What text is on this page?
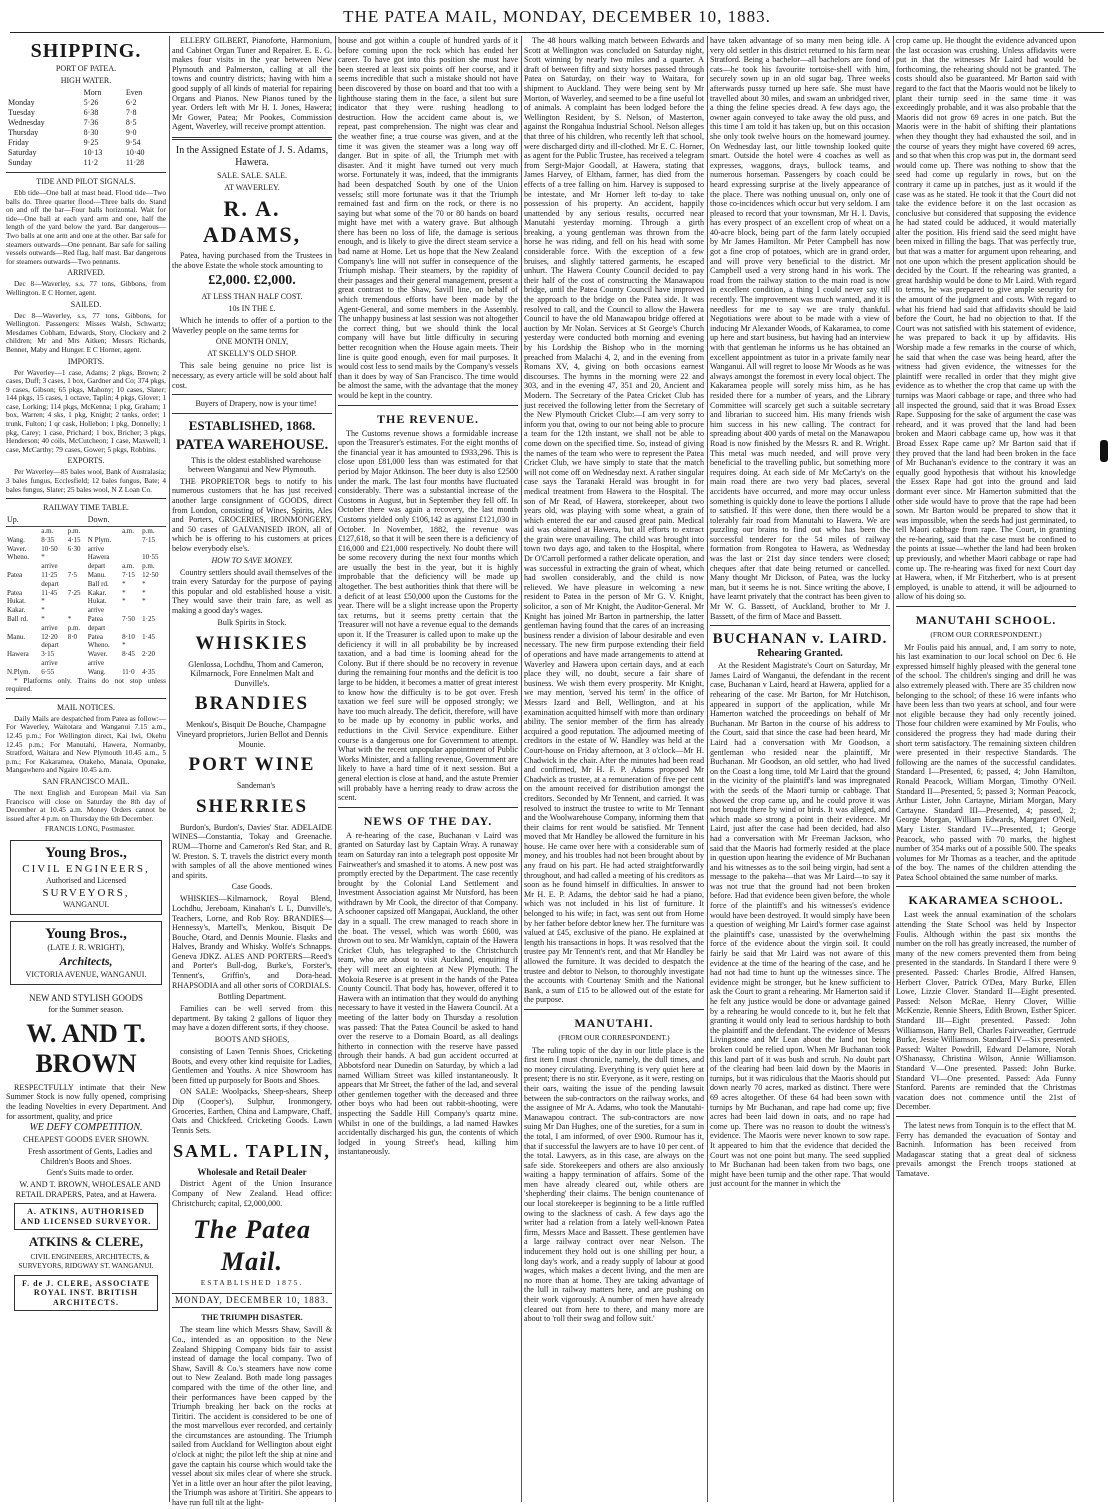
THE PATEA MAIL, MONDAY, DECEMBER 10, 1883.
SHIPPING.
PORT OF PATEA.
HIGH WATER.
	Morn	Even
Monday	5·26	6·2
Tuesday	6·38	7·8
Wednesday	7·36	8·5
Thursday	8·30	9·0
Friday	9·25	9·54
Saturday	10·13	10·40
Sunday	11·2	11·28
TIDE AND PILOT SIGNALS.

Ebb tide—One ball at mast head. Flood tide—Two balls do. Three quarter flood—Three balls do. Stand on and off the bar—Four balls horizontal. Wait for tide—One ball at each yard arm and one, half the length of the yard below the yard. Bar dangerous—Two balls at one arm and one at the other. Bar safe for steamers outwards—One pennant. Bar safe for sailing vessels outwards—Red flag, half mast. Bar dangerous for steamers outwards—Two pennants.

ARRIVED.

Dec 8—Waverley, s.s, 77 tons, Gibbons, from Wellington. E C Horner, agent.

SAILED.

Dec 8—Waverley, s.s, 77 tons, Gibbons, for Wellington. Passengers: Misses Walsh, Schwartz; Mesdames Cobham, Edwards, Story, Clockery and 2 children; Mr and Mrs Aitken; Messrs Richards, Bennet, Maby and Hunger. E C Horner, agent.

IMPORTS.

Per Waverley—1 case, Adams; 2 pkgs, Brown; 2 cases, Duff; 3 cases, 1 box, Gardner and Co; 374 pkgs, 9 cases, Gibson; 65 pkgs, Mahony; 10 cases, Slater; 144 pkgs, 15 cases, 1 octave, Taplin; 4 pkgs, Glover; 1 case, Lorking; 114 pkgs, McKenna; 1 pkg, Graham; 1 box, Warren; 4 sks, 1 pkg, Knight; 2 tanks, order; 1 trunk, Fulton; 1 qr cask, Hollebon; 1 pkg, Donnelly; 1 pkg, Carey; 1 case, Prichard; 1 box, Bricher; 3 pkgs, Henderson; 40 coils, McCutcheon; 1 case, Maxwell; 1 case, McCarthy; 79 cases, Gower; 5 pkgs, Robbins.

EXPORTS.

Per Waverley—85 bales wool, Bank of Australasia; 3 bales fungus, Ecclesfield; 12 bales fungus, Bate; 4 bales fungus, Slater; 25 bales wool, N Z Loan Co.

RAILWAY TIME TABLE.
Up.			Down.		
	a.m.	p.m.		a.m.	p.m.
Wang.	8·35	4·15	N Plym.		7·15
Waver.	10·50	6·30	arrive		
Wheno.	*		Hawera		10·55
	arrive		depart	a.m.	p.m.
Patea	11·25	7·5	Manu.	7·15	12·50
	depart		Ball rd.	*	*
Patea	11·45	7·25	Kakar.	*	*
Hukat.	*		Hukat.	*	*
Kakar.	*		arrive		
Ball rd.	*	*	Patea	7·50	1·25
	arrive	p.m.	depart		
Manu.	12·20	8·0	Patea	8·10	1·45
	depart		Wheno.	*	
Hawera	3·15		Waver.	8·45	2·20
	arrive		arrive		
N.Plym.	6·55		Wang.	11·0	4·35

* Platforms only. Trains do not stop unless required.

MAIL NOTICES.

Daily Mails are despatched from Patea as follow:—For Waverley, Waitotara and Wanganui 7.15 a.m., 12.45 p.m.; For Wellington direct, Kai Iwi, Okehu 12.45 p.m.; For Manutahi, Hawera, Normanby, Stratford, Waitara and New Plymouth 10.45 a.m., 5 p.m.; For Kakaramea, Otakeho, Manaia, Opunake, Mangawhero and Ngaire 10.45 a.m.

SAN FRANCISCO MAIL.

The next English and European Mail via San Francisco will close on Saturday the 8th day of December at 10.45 a.m. Money Orders cannot be issued after 4 p.m. on Thursday the 6th December.

FRANCIS LONG, Postmaster.

Young Bros.,
CIVIL ENGINEERS,
Authorised and Licensed
SURVEYORS,
WANGANUI.
Young Bros.,
(LATE J. R. WRIGHT),
Architects,
VICTORIA AVENUE, WANGANUI.
NEW AND STYLISH GOODS
for the Summer season.
W. AND T. BROWN

RESPECTFULLY intimate that their New Summer Stock is now fully opened, comprising the leading Novelties in every Department. And for assortment, quality, and price

WE DEFY COMPETITION.
CHEAPEST GOODS EVER SHOWN.

Fresh assortment of Gents, Ladies and Children's Boots and Shoes.

Gent's Suits made to order.

W. AND T. BROWN, WHOLESALE AND RETAIL DRAPERS, Patea, and at Hawera.

A. ATKINS, AUTHORISED AND LICENSED SURVEYOR.
ATKINS & CLERE,

CIVIL ENGINEERS, ARCHITECTS, & SURVEYORS, RIDGWAY ST. WANGANUI.

F. de J. CLERE, ASSOCIATE ROYAL INST. BRITISH ARCHITECTS.

ELLERY GILBERT, Pianoforte, Harmonium, and Cabinet Organ Tuner and Repairer. E. E. G. makes four visits in the year between New Plymouth and Palmerston, calling at all the towns and country districts; having with him a good supply of all kinds of material for repairing Organs and Pianos. New Pianos tuned by the year. Orders left with Mr H. I. Jones, Hawera; Mr Gower, Patea; Mr Pookes, Commission Agent, Waverley, will receive prompt attention.

In the Assigned Estate of J. S. Adams, Hawera.
SALE. SALE. SALE.
AT WAVERLEY.
R. A. ADAMS,

Patea, having purchased from the Trustees in the above Estate the whole stock amounting to

£2,000. £2,000.
AT LESS THAN HALF COST.
10s IN THE £.

Which he intends to offer of a portion to the Waverley people on the same terms for

ONE MONTH ONLY,
AT SKELLY'S OLD SHOP.

This sale being genuine no price list is necessary, as every article will be sold about half cost.

Buyers of Drapery, now is your time!

ESTABLISHED, 1868.
PATEA WAREHOUSE.

This is the oldest established warehouse between Wanganui and New Plymouth.

THE PROPRIETOR begs to notify to his numerous customers that he has just received another large consignment of GOODS, direct from London, consisting of Wines, Spirits, Ales and Porters, GROCERIES, IRONMONGERY, and 50 cases of GALVANISED IRON, all of which he is offering to his customers at prices below everybody else's.

HOW TO SAVE MONEY.

Country settlers should avail themselves of the train every Saturday for the purpose of paying this popular and old established house a visit. They would save their train fare, as well as making a good day's wages.

Bulk Spirits in Stock.
WHISKIES

Glenlossa, Lochdhu, Thom and Cameron, Kilmarnock, Fore Ennelmen Malt and Dunville's.

BRANDIES

Menkou's, Bisquit De Bouche, Champagne Vineyard proprietors, Jurien Bellot and Dennis Mounie.

PORT WINE

Sandeman's

SHERRIES

Burdon's, Burdon's, Davies' Star. ADELAIDE WINES—Constantia, Tokay and Greenache. RUM—Thorne and Cameron's Red Star, and R. W. Preston. S. T. travels the district every month with samples of all the above mentioned wines and spirits.

Case Goods.

WHISKIES—Kilmarnock, Royal Blend, Lochdhu, Jereboam, Kinahan's L L, Dunville's, Teachers, Lorne, and Rob Roy. BRANDIES—Hennessy's, Martell's, Menkou, Bisquit De Bouche, Otard, and Dennis Mounie. Flasks and Halves, Brandy and Whisky. Wolfe's Schnapps. Geneva JDKZ. ALES AND PORTERS—Reed's and Porter's Bull-dog, Burke's, Forster's, Tennent's, Griffin's, and Dora-head. RHAPSODIA and all other sorts of CORDIALS.

Bottling Department.

Families can be well served from this department. By taking 2 gallons of liquor they may have a dozen different sorts, if they choose.

BOOTS AND SHOES,

consisting of Lawn Tennis Shoes, Cricketing Boots, and every other kind requisite for Ladies, Gentlemen and Youths. A nice Showroom has been fitted up purposely for Boots and Shoes.

ON SALE: Woolpacks, Sheep-shears, Sheep Dip (Cooper's), Sulphur, Ironmongery, Groceries, Earthen, China and Lampware, Chaff, Oats and Chickfeed. Cricketing Goods. Lawn Tennis Sets.

SAML. TAPLIN,
Wholesale and Retail Dealer

District Agent of the Union Insurance Company of New Zealand. Head office: Christchurch; capital, £2,000,000.

The Patea Mail.
ESTABLISHED 1875.
MONDAY, DECEMBER 10, 1883.
THE TRIUMPH DISASTER.

The steam line which Messrs Shaw, Savill & Co., intended as an opposition to the New Zealand Shipping Company bids fair to assist instead of damage the local company. Two of Shaw, Savill & Co.'s steamers have now come out to New Zealand. Both made long passages compared with the time of the other line, and their performances have been capped by the Triumph breaking her back on the rocks at Tiritiri. The accident is considered to be one of the most marvellous ever recorded, and certainly the circumstances are astounding. The Triumph sailed from Auckland for Wellington about eight o'clock at night; the pilot left the ship at nine and gave the captain his course which would take the vessel about six miles clear of where she struck. Yet in a little over an hour after the pilot leaving, the Triumph was ashore at Tiritiri. She appears to have run full tilt at the light-

house and got within a couple of hundred yards of it before coming upon the rock which has ended her career. To have got into this position she must have been steered at least six points off her course, and it seems incredible that such a mistake should not have been discovered by those on board and that too with a lighthouse staring them in the face, a silent but sure indicator that they were rushing headlong to destruction. How the accident came about is, we repeat, past comprehension. The night was clear and the weather fine; a true course was given, and at the time it was given the steamer was a long way off danger. But in spite of all, the Triumph met with disaster. And it might have turned out very much worse. Fortunately it was, indeed, that the immigrants had been despatched South by one of the Union vessels; still more fortunate was it that the Triumph remained fast and firm on the rock, or there is no saying but what some of the 70 or 80 hands on board might have met with a watery grave. But although there has been no loss of life, the damage is serious enough, and is likely to give the direct steam service a bad name at Home. Let us hope that the New Zealand Company's line will not suffer in consequence of the Triumph mishap. Their steamers, by the rapidity of their passages and their general management, present a great contrast to the Shaw, Savill line, on behalf of which tremendous efforts have been made by the Agent-General, and some members in the Assembly. The unhappy business at last session was not altogether the correct thing, but we should think the local company will have but little difficulty in securing better recognition when the House again meets. Their line is quite good enough, even for mail purposes. It would cost less to send mails by the Company's vessels than it does by way of San Francisco. The time would be almost the same, with the advantage that the money would be kept in the country.

THE REVENUE.

The Customs revenue shows a formidable increase upon the Treasurer's estimates. For the eight months of the financial year it has amounted to £933,296. This is close upon £81,000 less than was estimated for that period by Major Atkinson. The beer duty is also £2500 under the mark. The last four months have fluctuated considerably. There was a substantial increase of the Customs in August, but in September they fell off. In October there was again a recovery, the last month Customs yielded only £106,142 as against £121,030 in October. In November, 1882, the revenue was £127,618, so that it will be seen there is a deficiency of £16,000 and £21,000 respectively. No doubt there will be some recovery during the next four months which are usually the best in the year, but it is highly improbable that the deficiency will be made up altogether. The best authorities think that there will be a deficit of at least £50,000 upon the Customs for the year. There will be a slight increase upon the Property tax returns, but it seems pretty certain that the Treasurer will not have a revenue equal to the demands upon it. If the Treasurer is called upon to make up the deficiency it will in all probability be by increased taxation, and a bad time is looming ahead for the Colony. But if there should be no recovery in revenue during the remaining four months and the deficit is too large to be hidden, it becomes a matter of great interest to know how the difficulty is to be got over. Fresh taxation we feel sure will be opposed strongly; we have too much already. The deficit, therefore, will have to be made up by economy in public works, and reductions in the Civil Service expenditure. Either course is a dangerous one for Government to attempt. What with the recent unpopular appointment of Public Works Minister, and a falling revenue, Government are likely to have a hard time of it next session. But a general election is close at hand, and the astute Premier will probably have a herring ready to draw across the scent.

NEWS OF THE DAY.

A re-hearing of the case, Buchanan v Laird was granted on Saturday last by Captain Wray. A runaway team on Saturday ran into a telegraph post opposite Mr Fairweather's and smashed it to atoms. A new post was promptly erected by the Department. The case recently brought by the Colonial Land Settlement and Investment Association against Mr Nutsford, has been withdrawn by Mr Cook, the director of that Company. A schooner capsized off Mangapai, Auckland, the other day in a squall. The crew managed to reach shore in the boat. The vessel, which was worth £600, was thrown out to sea. Mr Wamklyn, captain of the Hawera Cricket Club, has telegraphed to the Christchurch team, who are about to visit Auckland, enquiring if they will meet an eighteen at New Plymouth. The Mokoia Reserve is at present in the hands of the Patea County Council. That body has, however, offered it to Hawera with an intimation that they would do anything necessary to have it vested in the Hawera Council. At a meeting of the latter body on Thursday a resolution was passed: That the Patea Council be asked to hand over the reserve to a Domain Board, as all dealings hitherto in connection with the reserve have passed through their hands. A bad gun accident occurred at Abbotsford near Dunedin on Saturday, by which a lad named William Street was killed instantaneously. It appears that Mr Street, the father of the lad, and several other gentlemen together with the deceased and three other boys who had been out rabbit-shooting, were inspecting the Saddle Hill Company's quartz mine. Whilst in one of the buildings, a lad named Hawkes accidentally discharged his gun, the contents of which lodged in young Street's head, killing him instantaneously.

The 48 hours walking match between Edwards and Scott at Wellington was concluded on Saturday night, Scott winning by nearly two miles and a quarter. A draft of between fifty and sixty horses passed through Patea on Saturday, on their way to Waitara, for shipment to Auckland. They were being sent by Mr Morton, of Waverley, and seemed to be a fine useful lot of animals. A complaint has been lodged before the Wellington Resident, by S. Nelson, of Masterton, against the Rongahua Industrial School. Nelson alleges that three of his children, who recently left that school, were discharged dirty and ill-clothed. Mr E. C. Horner, as agent for the Public Trustee, has received a telegram from Sergt-Major Goodall, at Hawera, stating that James Harvey, of Eltham, farmer, has died from the effects of a tree falling on him. Harvey is supposed to be intestate, and Mr Horner left to-day to take possession of his property. An accident, happily unattended by any serious results, occurred near Manutahi yesterday morning. Through a girth breaking, a young gentleman was thrown from the horse he was riding, and fell on his head with some considerable force. With the exception of a few bruises, and slightly tattered garments, he escaped unhurt. The Hawera County Council decided to pay their half of the cost of constructing the Manawapou bridge, until the Patea County Council have improved the approach to the bridge on the Patea side. It was resolved to call, and the Council to allow the Hawera Council to have the old Manawapou bridge offered at auction by Mr Nolan. Services at St George's Church yesterday were conducted both morning and evening by his Lordship the Bishop who in the morning preached from Malachi 4, 2, and in the evening from Romans XV, 4, giving on both occasions earnest discourses. The hymns in the morning were 22 and 303, and in the evening 47, 351 and 20, Ancient and Modern. The Secretary of the Patea Cricket Club has just received the following letter from the Secretary of the New Plymouth Cricket Club:—I am very sorry to inform you that, owing to our not being able to procure a team for the 12th instant, we shall not be able to come down on the specified time. So, instead of giving the names of the team who were to represent the Patea Cricket Club, we have simply to state that the match will not come off on Wednesday next. A rather singular case says the Taranaki Herald was brought in for medical treatment from Hawera to the Hospital. The son of Mr Read, of Hawera, storekeeper, about two years old, was playing with some wheat, a grain of which entered the ear and caused great pain. Medical aid was obtained at Hawera, but all efforts to extract the grain were unavailing. The child was brought into town two days ago, and taken to the Hospital, where Dr O'Carroll performed a rather delicate operation, and was successful in extracting the grain of wheat, which had swollen considerably, and the child is now relieved. We have pleasure in welcoming a new resident to Patea in the person of Mr G. V. Knight, solicitor, a son of Mr Knight, the Auditor-General. Mr Knight has joined Mr Barton in partnership, the latter gentleman having found that the cares of an increasing business render a division of labour desirable and even necessary. The new firm purpose extending their field of operations and have made arrangements to attend at Waverley and Hawera upon certain days, and at each place they will, no doubt, secure a fair share of business. We wish them every prosperity. Mr Knight, we may mention, 'served his term' in the office of Messrs Izard and Bell, Wellington, and at his examination acquitted himself with more than ordinary ability. The senior member of the firm has already acquired a good reputation. The adjourned meeting of creditors in the estate of W. Handley was held at the Court-house on Friday afternoon, at 3 o'clock—Mr H. Chadwick in the chair. After the minutes had been read and confirmed, Mr H. F. P. Adams proposed Mr Chadwick as trustee, at a remuneration of five per cent on the amount received for distribution amongst the creditors. Seconded by Mr Tennent, and carried. It was resolved to instruct the trustee to write to Mr Tennant and the Woolwarehouse Company, informing them that their claims for rent would be satisfied. Mr Tennent moved that Mr Handley be allowed the furniture in his house. He came over here with a considerable sum of money, and his troubles had not been brought about by any fraud on his part. He had acted straightforwardly throughout, and had called a meeting of his creditors as soon as he found himself in difficulties. In answer to Mr H. E. P. Adams, the debtor said he had a piano, which was not included in his list of furniture. It belonged to his wife; in fact, was sent out from Home by her father before debtor knew her. The furniture was valued at £45, exclusive of the piano. He explained at length his transactions in hops. It was resolved that the trustee pay Mr Tennent's rent, and that Mr Handley be allowed the furniture. It was decided to despatch the trustee and debtor to Nelson, to thoroughly investigate the accounts with Courtenay Smith and the National Bank, a sum of £15 to be allowed out of the estate for the purpose.

MANUTAHI.
(FROM OUR CORRESPONDENT.)

The ruling topic of the day in our little place is the first item I must chronicle, namely, the dull times, and no money circulating. Everything is very quiet here at present; there is no stir. Everyone, as it were, resting on their oars, waiting the issue of the pending lawsuit between the sub-contractors on the railway works, and the assignee of Mr A. Adams, who took the Manutahi-Manawapou contract. The sub-contractors are now suing Mr Dan Hughes, one of the sureties, for a sum in the total, I am informed, of over £900. Rumour has it, that if successful the lawyers are to have 10 per cent. of the total. Lawyers, as in this case, are always on the safe side. Storekeepers and others are also anxiously waiting a happy termination of affairs. Some of the men have already cleared out, while others are 'shepherding' their claims. The benign countenance of our local storekeeper is beginning to be a little ruffled owing to the slackness of cash. A few days ago the writer had a relation from a lately well-known Patea firm, Messrs Mace and Bassett. These gentlemen have a large railway contract over near Nelson. The inducement they hold out is one shilling per hour, a long day's work, and a ready supply of labour at good wages, which makes a decent living, and the men are no more than at home. They are taking advantage of the lull in railway matters here, and are pushing on their work vigorously. A number of men have already cleared out from here to there, and many more are about to 'roll their swag and follow suit.'

have taken advantage of so many men being idle. A very old settler in this district returned to his farm near Stratford. Being a bachelor—all bachelors are fond of cats—he took his favourite tortoise-shell with him, securely sown up in an old sugar bag. Three weeks afterwards pussy turned up here safe. She must have travelled about 30 miles, and swam an unbridged river, a thing the feline species dread. A few days ago, the owner again conveyed to take away the old puss, and this time I am told it has taken up, but on this occasion she only took twelve hours on the homeward journey. On Wednesday last, our little township looked quite smart. Outside the hotel were 4 coaches as well as expresses, waggons, drays, bullock teams, and numerous horseman. Passengers by coach could be heard expressing surprise at the lively appearance of the place. There was nothing unusual on, only one of those co-incidences which occur but very seldom. I am pleased to record that your townsman, Mr H. I. Davis, has every prospect of an excellent crop of wheat on a 40-acre block, being part of the farm lately occupied by Mr James Hamilton. Mr Peter Campbell has now got a fine crop of potatoes, which are in grand order, and will prove very beneficial to the district. Mr Campbell used a very strong hand in his work. The road from the railway station to the main road is now in excellent condition, a thing I could never say till recently. The improvement was much wanted, and it is needless for me to say we are truly thankful. Negotiations were about to be made with a view of inducing Mr Alexander Woods, of Kakaramea, to come up here and start business, but having had an interview with that gentleman he informs us he has obtained an excellent appointment as tutor in a private family near Wanganui. All will regret to loose Mr Woods as he was always amongst the foremost in every local object. The Kakaramea people will sorely miss him, as he has resided there for a number of years, and the Library Committee will scarcely get such a suitable secretary and librarian to succeed him. His many friends wish him success in his new calling. The contract for spreading about 400 yards of metal on the Manawapou Road is now finished by the Messrs R. and R. Wright. This metal was much needed, and will prove very beneficial to the travelling public, but something more requires doing. At each side of Mr McCarty's on the main road there are two very bad places, several accidents have occurred, and more may occur unless something is quickly done to leave the portions I allude to satisfied. If this were done, then there would be a tolerably fair road from Manutahi to Hawera. We are puzzling our brains to find out who has been the successful tenderer for the 54 miles of railway formation from Rongotea to Hawera, as Wednesday was the last or 21st day since tenders were closed; cheques after that date being returned or cancelled. Many thought Mr Dickson, of Patea, was the lucky man, but it seems he is not. Since writing the above, I have learnt privately that the contract has been given to Mr W. G. Bassett, of Auckland, brother to Mr J. Bassett, of the firm of Mace and Bassett.

BUCHANAN v. LAIRD.
Rehearing Granted.

At the Resident Magistrate's Court on Saturday, Mr James Laird of Wanganui, the defendant in the recent case, Buchanan v Laird, heard at Hawera, applied for a rehearing of the case. Mr Barton, for Mr Hutchison, appeared in support of the application, while Mr Hamerton watched the proceedings on behalf of Mr Buchanan. Mr Barton in the course of his address to the Court, said that since the case had been heard, Mr Laird had a conversation with Mr Goodson, a gentleman who resided near the plaintiff, Mr Buchanan. Mr Goodson, an old settler, who had lived on the Coast a long time, told Mr Laird that the ground in the vicinity of the plaintiff's land was impregnated with the seeds of the Maori turnip or cabbage. That showed the crop came up, and he could prove it was not brought there by wind or birds. It was alleged, and which made so strong a point in their evidence. Mr Laird, just after the case had been decided, had also had a conversation with Mr Freeman Jackson, who said that the Maoris had formerly resided at the place in question upon hearing the evidence of Mr Buchanan and his witnesses as to the soil being virgin, had sent a message to the pakeha—that was Mr Laird—to say it was not true that the ground had not been broken before. Had that evidence been given before, the whole force of the plaintiff's and his witnesses's evidence would have been destroyed. It would simply have been a question of weighing Mr Laird's former case against the plaintiff's case, unassisted by the overwhelming force of the evidence about the virgin soil. It could fairly be said that Mr Laird was not aware of this evidence at the time of the hearing of the case, and he had not had time to hunt up the witnesses since. The evidence might be stronger, but he knew sufficient to ask the Court to grant a rehearing. Mr Hamerton said if he felt any justice would be done or advantage gained by a rehearing he would concede to it, but he felt that granting it would only lead to serious hardship to both the plaintiff and the defendant. The evidence of Messrs Livingstone and Mr Lean about the land not being broken could be relied upon. When Mr Buchanan took this land part of it was bush and scrub. No doubt part of the clearing had been laid down by the Maoris in turnips, but it was ridiculous that the Maoris should put down nearly 70 acres, marked as distinct. There were 69 acres altogether. Of these 64 had been sown with turnips by Mr Buchanan, and rape had come up; five acres had been laid down in oats, and no rape had come up. There was no reason to doubt the witness's evidence. The Maoris were never known to sow rape. It appeared to him that the evidence that decided the Court was not one point but many. The seed supplied to Mr Buchanan had been taken from two bags, one might have been turnip and the other rape. That would just account for the manner in which the

crop came up. He thought the evidence advanced upon the last occasion was crushing. Unless affidavits were put in that the witnesses Mr Laird had would be forthcoming, the rehearing should not be granted. The costs should also be guaranteed. Mr Barton said with regard to the fact that the Maoris would not be likely to plant their turnip seed in the same time it was exceedingly probable, and it was also probable that the Maoris did not grow 69 acres in one patch. But the Maoris were in the habit of shifting their plantations when they thought they had exhausted the soil, and in the course of years they might have covered 69 acres, and so that when this crop was put in, the dormant seed would come up. There was nothing to show that the seed had come up regularly in rows, but on the contrary it came up in patches, just as it would if the case was as he stated. He took it that the Court did not take the evidence before it on the last occasion as conclusive but considered that supposing the evidence he had stated could be adduced, it would materially alter the position. His friend said the seed might have been mixed in filling the bags. That was perfectly true, but that was a matter for argument upon rehearing, and not one upon which the present application should be decided by the Court. If the rehearing was granted, a great hardship would be done to Mr Laird. With regard to terms, he was prepared to give ample security for the amount of the judgment and costs. With regard to what his friend had said that affidavits should be laid before the Court, he had no objection to that. If the Court was not satisfied with his statement of evidence, he was prepared to back it up by affidavits. His Worship made a few remarks in the course of which, he said that when the case was being heard, after the witness had given evidence, the witnesses for the plaintiff were recalled in order that they might give evidence as to whether the crop that came up with the turnips was Maori cabbage or rape, and three who had all inspected the ground, said that it was Broad Essex Rape. Supposing for the sake of argument the case was reheard, and it was proved that the land had been broken and Maori cabbage came up, how was it that Broad Essex Rape came up? Mr Barton said that if they proved that the land had been broken in the face of Mr Buchanan's evidence to the contrary it was an equally good hypothesis that without his knowledge the Essex Rape had got into the ground and laid dormant ever since. Mr Hamerton submitted that the other side would have to prove that the rape had been sown. Mr Barton would be prepared to show that it was impossible, when the seeds had just germinated, to tell Maori cabbage from rape. The Court, in granting the re-hearing, said that the case must be confined to the points at issue—whether the land had been broken up previously, and whether Maori cabbage or rape had come up. The re-hearing was fixed for next Court day at Hawera, when, if Mr Fitzherbert, who is at present employed, is unable to attend, it will be adjourned to allow of his doing so.

MANUTAHI SCHOOL.
(FROM OUR CORRESPONDENT.)

Mr Foulis paid his annual, and, I am sorry to note, his last examination to our local school on Dec 6. He expressed himself highly pleased with the general tone of the school. The children's singing and drill he was also extremely pleased with. There are 35 children now belonging to the school; of these 16 were infants who have been less than two years at school, and four were not eligible because they had only recently joined. Those four children were examined by Mr Foulis, who considered the progress they had made during their short term satisfactory. The remaining sixteen children were presented in their respective Standards. The following are the names of the successful candidates. Standard I—Presented, 6; passed, 4; John Hamilton, Ronald Peacock, William Morgan, Timothy O'Neil. Standard II—Presented, 5; passed 3; Norman Peacock, Arthur Lister, John Cartayne, Miriam Morgan, Mary Cartayne. Standard III—Presented, 4; passed, 2; George Morgan, William Edwards, Margaret O'Neil, Mary Lister. Standard IV—Presented, 1; George Peacock, who passed with 70 marks, the highest number of 354 marks out of a possible 500. The speaks volumes for Mr Thomas as a teacher, and the aptitude of the boy. The names of the children attending the Patea School obtained the same number of marks.

KAKARAMEA SCHOOL.

Last week the annual examination of the scholars attending the State School was held by Inspector Foulis. Although within the past six months the number on the roll has greatly increased, the number of many of the new comers prevented them from being presented in the standards. In Standard I there were 9 presented. Passed: Charles Brodie, Alfred Hansen, Herbert Clover, Patrick O'Dea, Mary Burke, Ellen Lowe, Lizzie Clover. Standard II—Eight presented. Passed: Nelson McRae, Henry Clover, Willie McKenzie, Rennie Sheers, Edith Brown, Esther Spicer. Standard III—Eight presented. Passed: John Williamson, Harry Bell, Charles Fairweather, Gertrude Burke, Jessie Williamson. Standard IV—Six presented. Passed: Walter Powdrill, Edward Delamore, Norah O'Shanassy, Christina Wilson, Annie Williamson. Standard V—One presented. Passed: John Burke. Standard VI—One presented. Passed: Ada Funny Stanford. Parents are reminded that the Christmas vacation does not commence until the 21st of December.

The latest news from Tonquin is to the effect that M. Ferry has demanded the evacuation of Sontay and Bacninh. Information has been received from Madagascar stating that a great deal of sickness prevails amongst the French troops stationed at Tamatave.
